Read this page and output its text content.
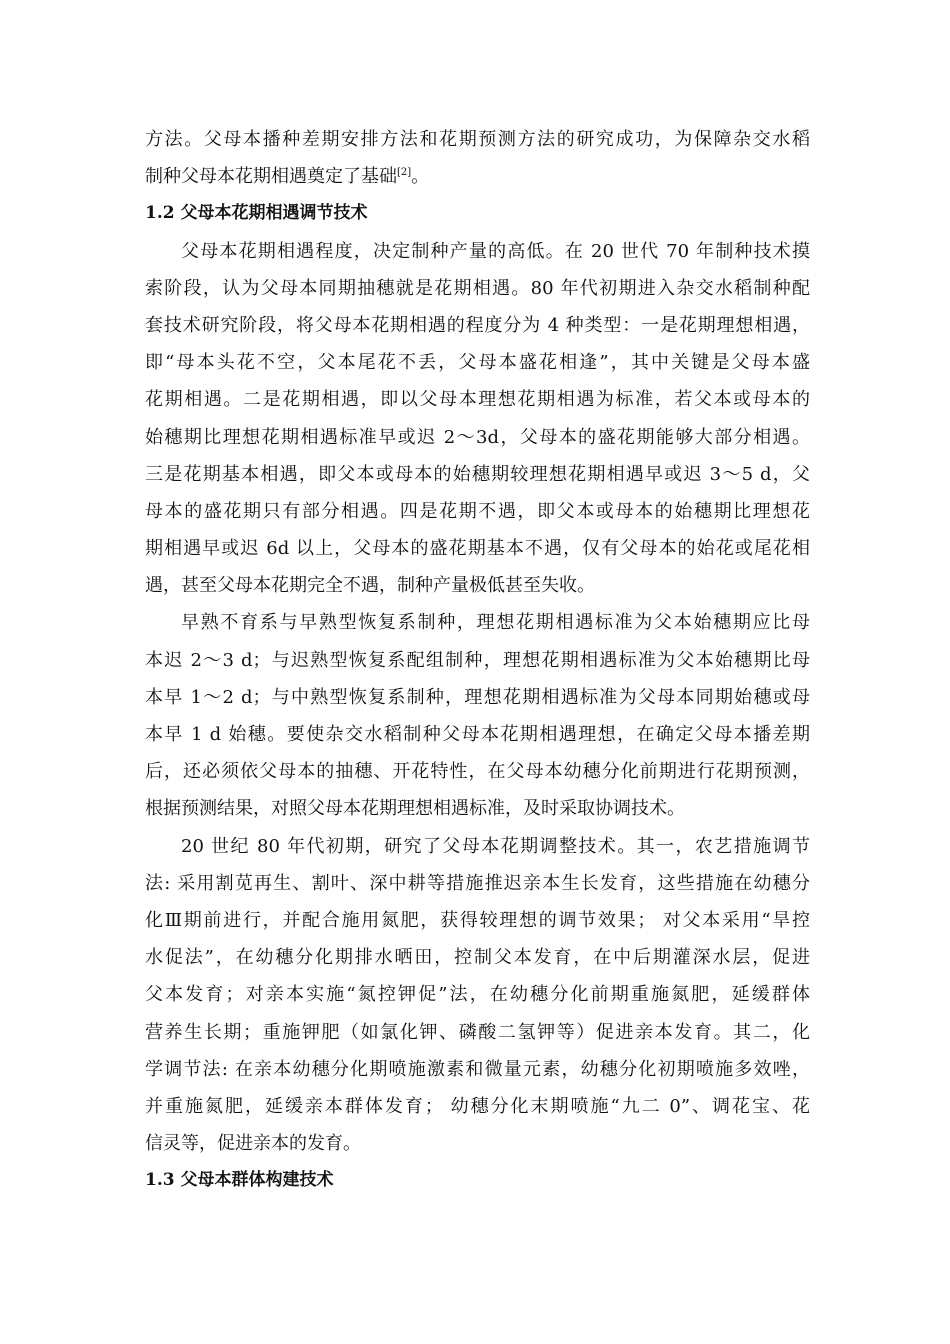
方法。父母本播种差期安排方法和花期预测方法的研究成功，为保障杂交水稻
制种父母本花期相遇奠定了基础[2]。
1.2 父母本花期相遇调节技术
父母本花期相遇程度，决定制种产量的高低。在 20 世代 70 年制种技术摸
索阶段，认为父母本同期抽穗就是花期相遇。80 年代初期进入杂交水稻制种配
套技术研究阶段，将父母本花期相遇的程度分为 4 种类型：一是花期理想相遇，
即“母本头花不空，父本尾花不丢，父母本盛花相逢”，其中关键是父母本盛
花期相遇。二是花期相遇，即以父母本理想花期相遇为标准，若父本或母本的
始穗期比理想花期相遇标准早或迟 2～3d，父母本的盛花期能够大部分相遇。
三是花期基本相遇，即父本或母本的始穗期较理想花期相遇早或迟 3～5 d，父
母本的盛花期只有部分相遇。四是花期不遇，即父本或母本的始穗期比理想花
期相遇早或迟 6d 以上，父母本的盛花期基本不遇，仅有父母本的始花或尾花相
遇，甚至父母本花期完全不遇，制种产量极低甚至失收。
早熟不育系与早熟型恢复系制种，理想花期相遇标准为父本始穗期应比母
本迟 2～3 d；与迟熟型恢复系配组制种，理想花期相遇标准为父本始穗期比母
本早 1～2 d；与中熟型恢复系制种，理想花期相遇标准为父母本同期始穗或母
本早 1 d 始穗。要使杂交水稻制种父母本花期相遇理想，在确定父母本播差期
后，还必须依父母本的抽穗、开花特性，在父母本幼穗分化前期进行花期预测，
根据预测结果，对照父母本花期理想相遇标准，及时采取协调技术。
20 世纪 80 年代初期，研究了父母本花期调整技术。其一，农艺措施调节
法: 采用割苋再生、割叶、深中耕等措施推迟亲本生长发育，这些措施在幼穗分
化Ⅲ期前进行，并配合施用氮肥，获得较理想的调节效果； 对父本采用“旱控
水促法”，在幼穗分化期排水晒田，控制父本发育，在中后期灌深水层，促进
父本发育；对亲本实施“氮控钾促”法，在幼穗分化前期重施氮肥，延缓群体
营养生长期；重施钾肥（如氯化钾、磷酸二氢钾等）促进亲本发育。其二，化
学调节法: 在亲本幼穗分化期喷施激素和微量元素，幼穗分化初期喷施多效唑，
并重施氮肥，延缓亲本群体发育； 幼穗分化末期喷施“九二 0”、调花宝、花
信灵等，促进亲本的发育。
1.3 父母本群体构建技术
